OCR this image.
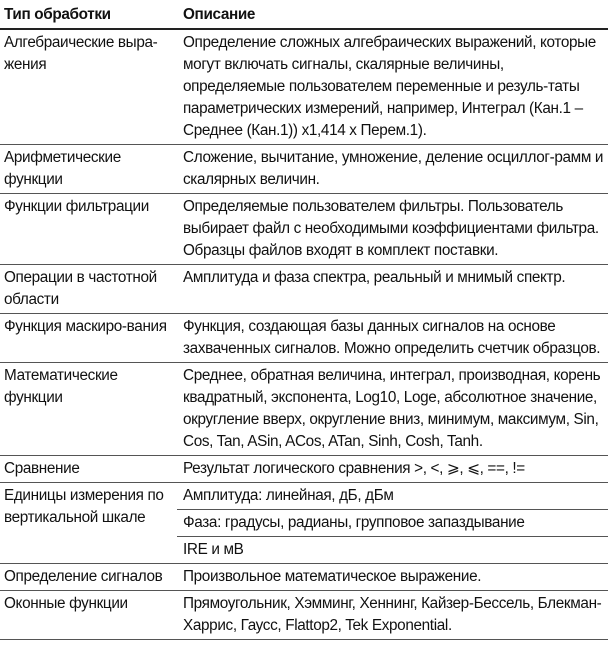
Тип обработки	Описание
Алгебраические выра-жения	Определение сложных алгебраических выражений, которые могут включать сигналы, скалярные величины, определяемые пользователем переменные и резуль-таты параметрических измерений, например, Интеграл (Кан.1 – Среднее (Кан.1)) x1,414 x Перем.1).
Арифметические функции	Сложение, вычитание, умножение, деление осциллог-рамм и скалярных величин.
Функции фильтрации	Определяемые пользователем фильтры. Пользователь выбирает файл с необходимыми коэффициентами фильтра. Образцы файлов входят в комплект поставки.
Операции в частотной области	Амплитуда и фаза спектра, реальный и мнимый спектр.
Функция маскиро-вания	Функция, создающая базы данных сигналов на основе захваченных сигналов. Можно определить счетчик образцов.
Математические функции	Среднее, обратная величина, интеграл, производная, корень квадратный, экспонента, Log10, Loge, абсолютное значение, округление вверх, округление вниз, минимум, максимум, Sin, Cos, Tan, ASin, ACos, ATan, Sinh, Cosh, Tanh.
Сравнение	Результат логического сравнения >, <, ⩾, ⩽, ==, !=
Единицы измерения по вертикальной шкале	Амплитуда: линейная, дБ, дБм
	Фаза: градусы, радианы, групповое запаздывание
	IRE и мВ
Определение сигналов	Произвольное математическое выражение.
Оконные функции	Прямоугольник, Хэмминг, Хеннинг, Кайзер-Бессель, Блекман-Харрис, Гаусс, Flattop2, Tek Exponential.
